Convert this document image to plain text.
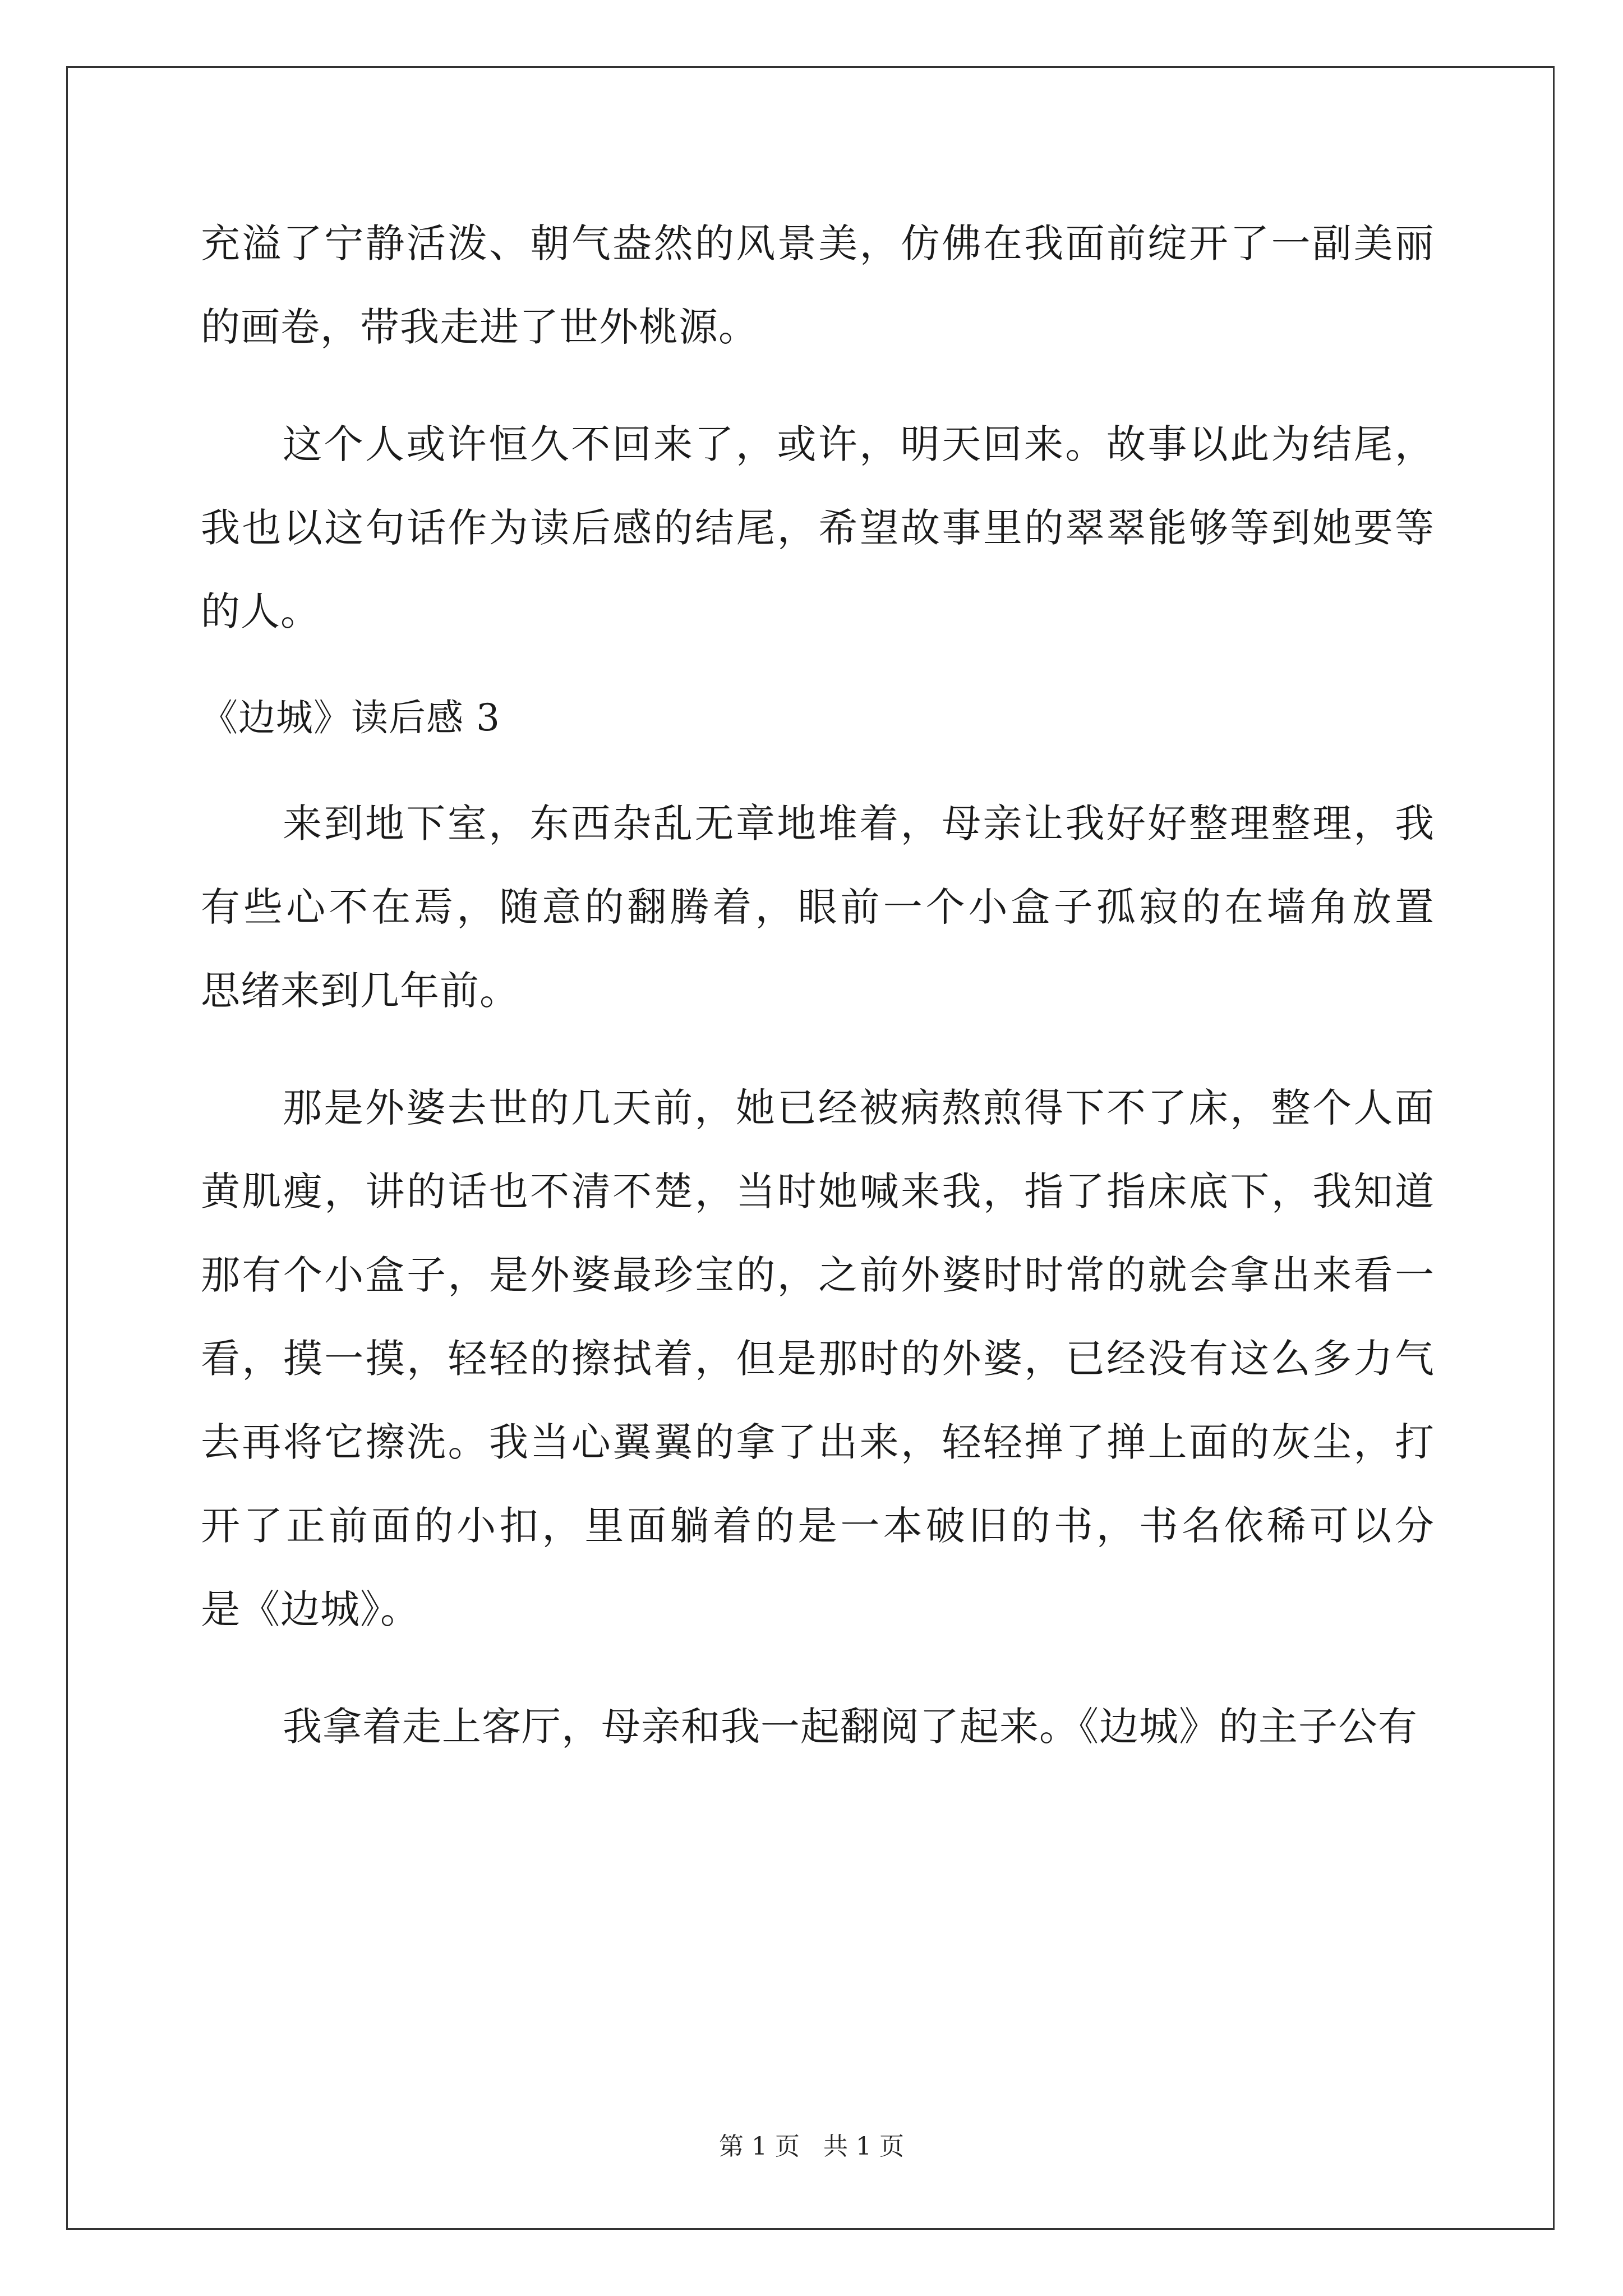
充溢了宁静活泼、朝气盎然的风景美，仿佛在我面前绽开了一副美丽
的画卷，带我走进了世外桃源。
这个人或许恒久不回来了，或许，明天回来。故事以此为结尾，
我也以这句话作为读后感的结尾，希望故事里的翠翠能够等到她要等
的人。
《边城》读后感 3
来到地下室，东西杂乱无章地堆着，母亲让我好好整理整理，我
有些心不在焉，随意的翻腾着，眼前一个小盒子孤寂的在墙角放置
思绪来到几年前。
那是外婆去世的几天前，她已经被病熬煎得下不了床，整个人面
黄肌瘦，讲的话也不清不楚，当时她喊来我，指了指床底下，我知道
那有个小盒子，是外婆最珍宝的，之前外婆时时常的就会拿出来看一
看，摸一摸，轻轻的擦拭着，但是那时的外婆，已经没有这么多力气
去再将它擦洗。我当心翼翼的拿了出来，轻轻掸了掸上面的灰尘，打
开了正前面的小扣，里面躺着的是一本破旧的书，书名依稀可以分
是《边城》。
我拿着走上客厅，母亲和我一起翻阅了起来。《边城》的主子公有
第 1 页 共 1 页
